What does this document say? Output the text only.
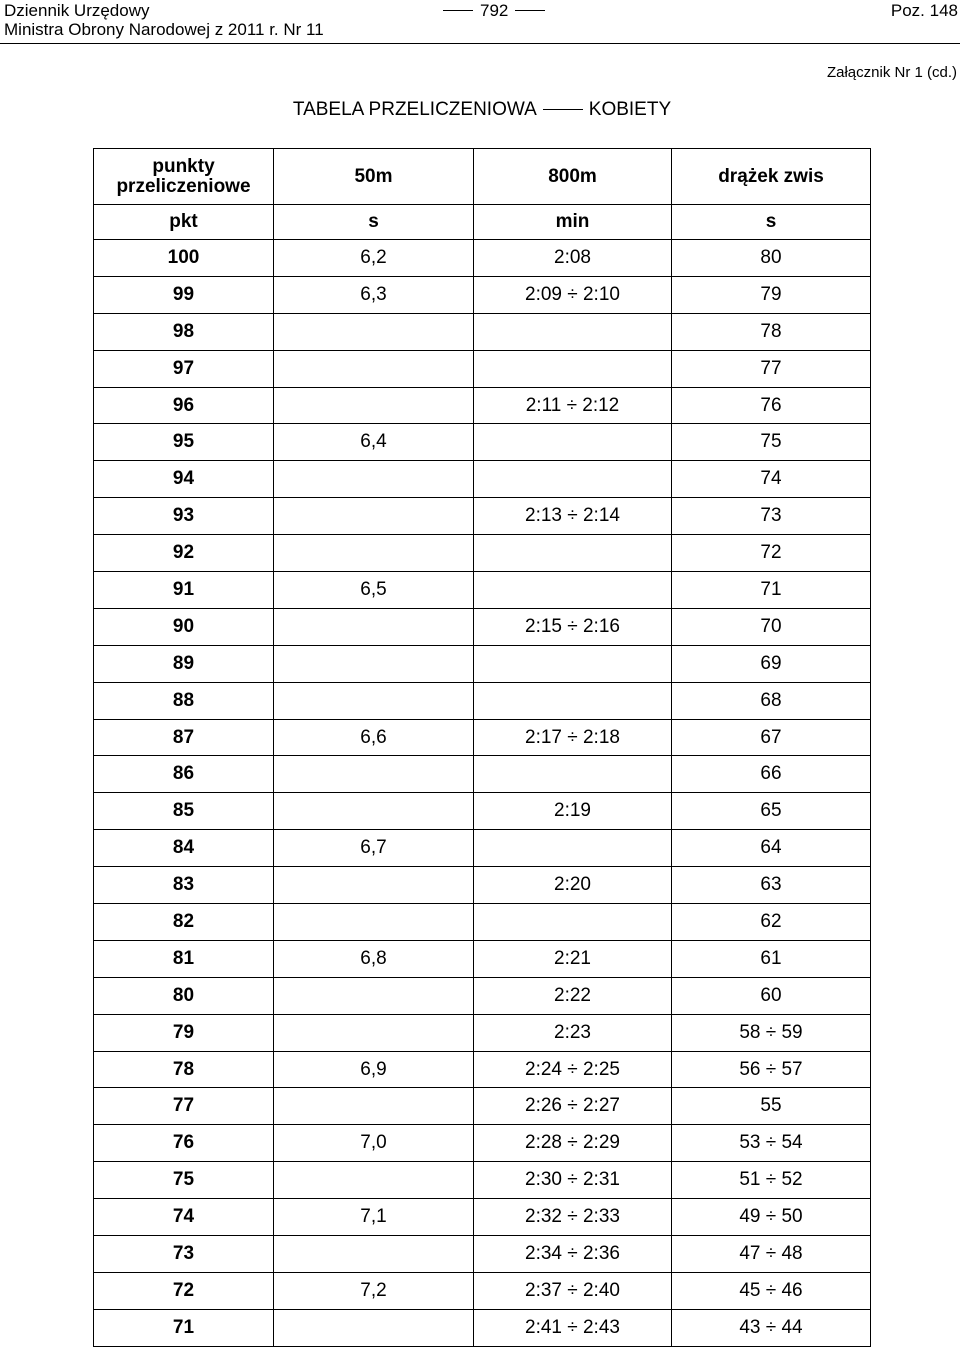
Dziennik Urzędowy
Ministra Obrony Narodowej z 2011 r. Nr 11
792	Poz. 148
Załącznik Nr 1 (cd.)
TABELA PRZELICZENIOWA	KOBIETY
punkty
przeliczeniowe	50m	800m	drążek zwis
pkt	s	min	s
100	6,2	2:08	80
99	6,3	2:09 ÷ 2:10	79
98			78
97			77
96		2:11 ÷ 2:12	76
95	6,4		75
94			74
93		2:13 ÷ 2:14	73
92			72
91	6,5		71
90		2:15 ÷ 2:16	70
89			69
88			68
87	6,6	2:17 ÷ 2:18	67
86			66
85		2:19	65
84	6,7		64
83		2:20	63
82			62
81	6,8	2:21	61
80		2:22	60
79		2:23	58 ÷ 59
78	6,9	2:24 ÷ 2:25	56 ÷ 57
77		2:26 ÷ 2:27	55
76	7,0	2:28 ÷ 2:29	53 ÷ 54
75		2:30 ÷ 2:31	51 ÷ 52
74	7,1	2:32 ÷ 2:33	49 ÷ 50
73		2:34 ÷ 2:36	47 ÷ 48
72	7,2	2:37 ÷ 2:40	45 ÷ 46
71		2:41 ÷ 2:43	43 ÷ 44
